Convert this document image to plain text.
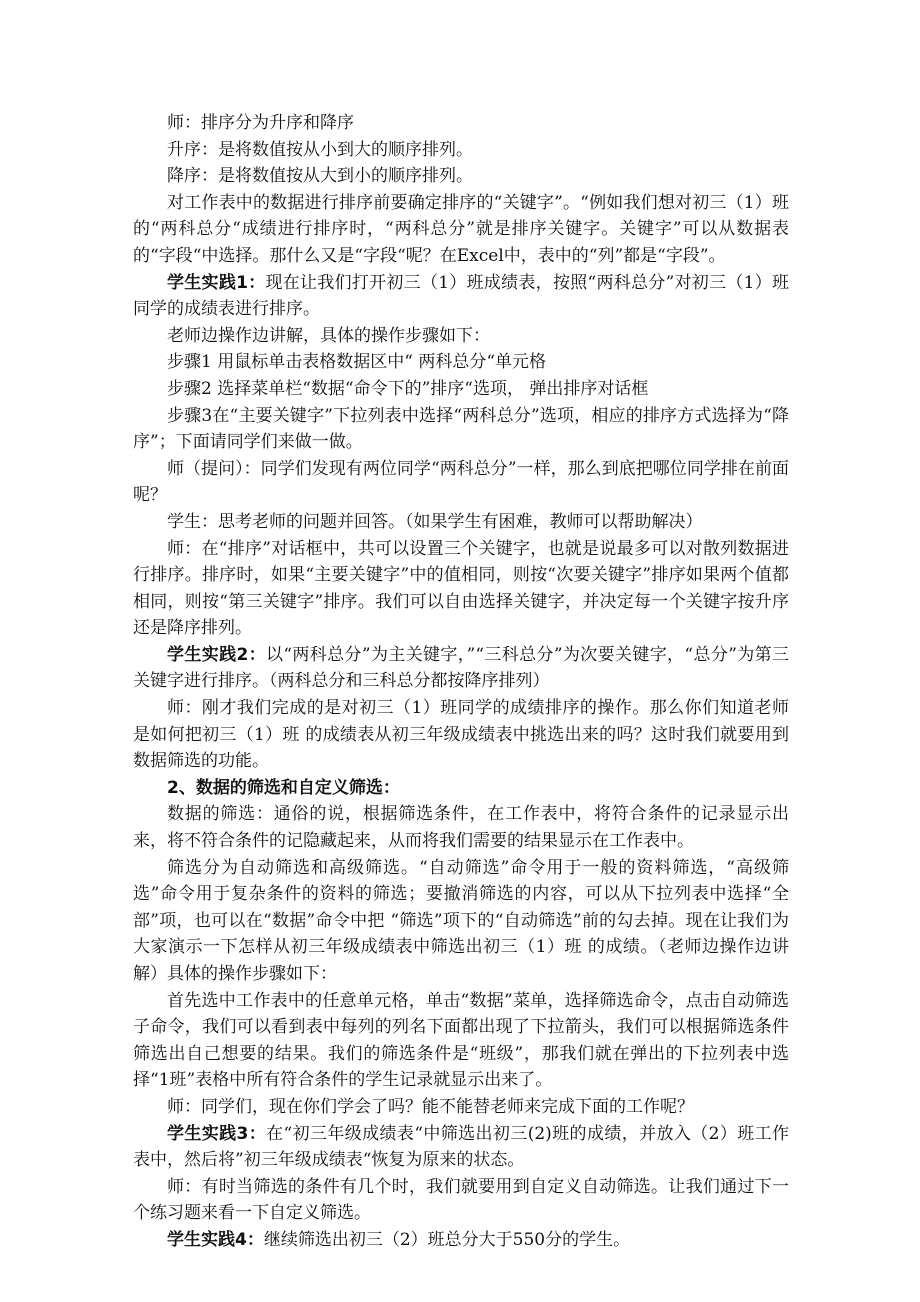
师：排序分为升序和降序

升序：是将数值按从小到大的顺序排列。

降序：是将数值按从大到小的顺序排列。

对工作表中的数据进行排序前要确定排序的“关键字”。“例如我们想对初三（1）班的“两科总分“成绩进行排序时，“两科总分”就是排序关键字。关键字”可以从数据表的“字段“中选择。那什么又是“字段“呢？在Excel中，表中的“列”都是“字段”。

学生实践1：现在让我们打开初三（1）班成绩表，按照“两科总分”对初三（1）班同学的成绩表进行排序。

老师边操作边讲解，具体的操作步骤如下：

步骤1 用鼠标单击表格数据区中“ 两科总分“单元格

步骤2 选择菜单栏“数据“命令下的”排序“选项， 弹出排序对话框

步骤3在“主要关键字”下拉列表中选择“两科总分”选项，相应的排序方式选择为“降序”；下面请同学们来做一做。

师（提问）：同学们发现有两位同学“两科总分”一样，那么到底把哪位同学排在前面呢？

学生：思考老师的问题并回答。（如果学生有困难，教师可以帮助解决）

师：在“排序”对话框中，共可以设置三个关键字，也就是说最多可以对散列数据进行排序。排序时，如果“主要关键字”中的值相同，则按“次要关键字”排序如果两个值都相同，则按“第三关键字”排序。我们可以自由选择关键字，并决定每一个关键字按升序还是降序排列。

学生实践2：以“两科总分”为主关键字，”“三科总分”为次要关键字，“总分”为第三关键字进行排序。（两科总分和三科总分都按降序排列）

师：刚才我们完成的是对初三（1）班同学的成绩排序的操作。那么你们知道老师是如何把初三（1）班 的成绩表从初三年级成绩表中挑选出来的吗？这时我们就要用到数据筛选的功能。

2、数据的筛选和自定义筛选：

数据的筛选：通俗的说，根据筛选条件，在工作表中，将符合条件的记录显示出来，将不符合条件的记隐藏起来，从而将我们需要的结果显示在工作表中。

筛选分为自动筛选和高级筛选。“自动筛选”命令用于一般的资料筛选，“高级筛选”命令用于复杂条件的资料的筛选；要撤消筛选的内容，可以从下拉列表中选择“全部”项，也可以在“数据”命令中把 “筛选”项下的“自动筛选”前的勾去掉。现在让我们为大家演示一下怎样从初三年级成绩表中筛选出初三（1）班 的成绩。（老师边操作边讲解）具体的操作步骤如下：

首先选中工作表中的任意单元格，单击“数据”菜单，选择筛选命令，点击自动筛选子命令，我们可以看到表中每列的列名下面都出现了下拉箭头，我们可以根据筛选条件筛选出自己想要的结果。我们的筛选条件是“班级”，那我们就在弹出的下拉列表中选择“1班”表格中所有符合条件的学生记录就显示出来了。

师：同学们，现在你们学会了吗？能不能替老师来完成下面的工作呢？

学生实践3：在“初三年级成绩表“中筛选出初三(2)班的成绩，并放入（2）班工作表中，然后将”初三年级成绩表“恢复为原来的状态。

师：有时当筛选的条件有几个时，我们就要用到自定义自动筛选。让我们通过下一个练习题来看一下自定义筛选。

学生实践4：继续筛选出初三（2）班总分大于550分的学生。
